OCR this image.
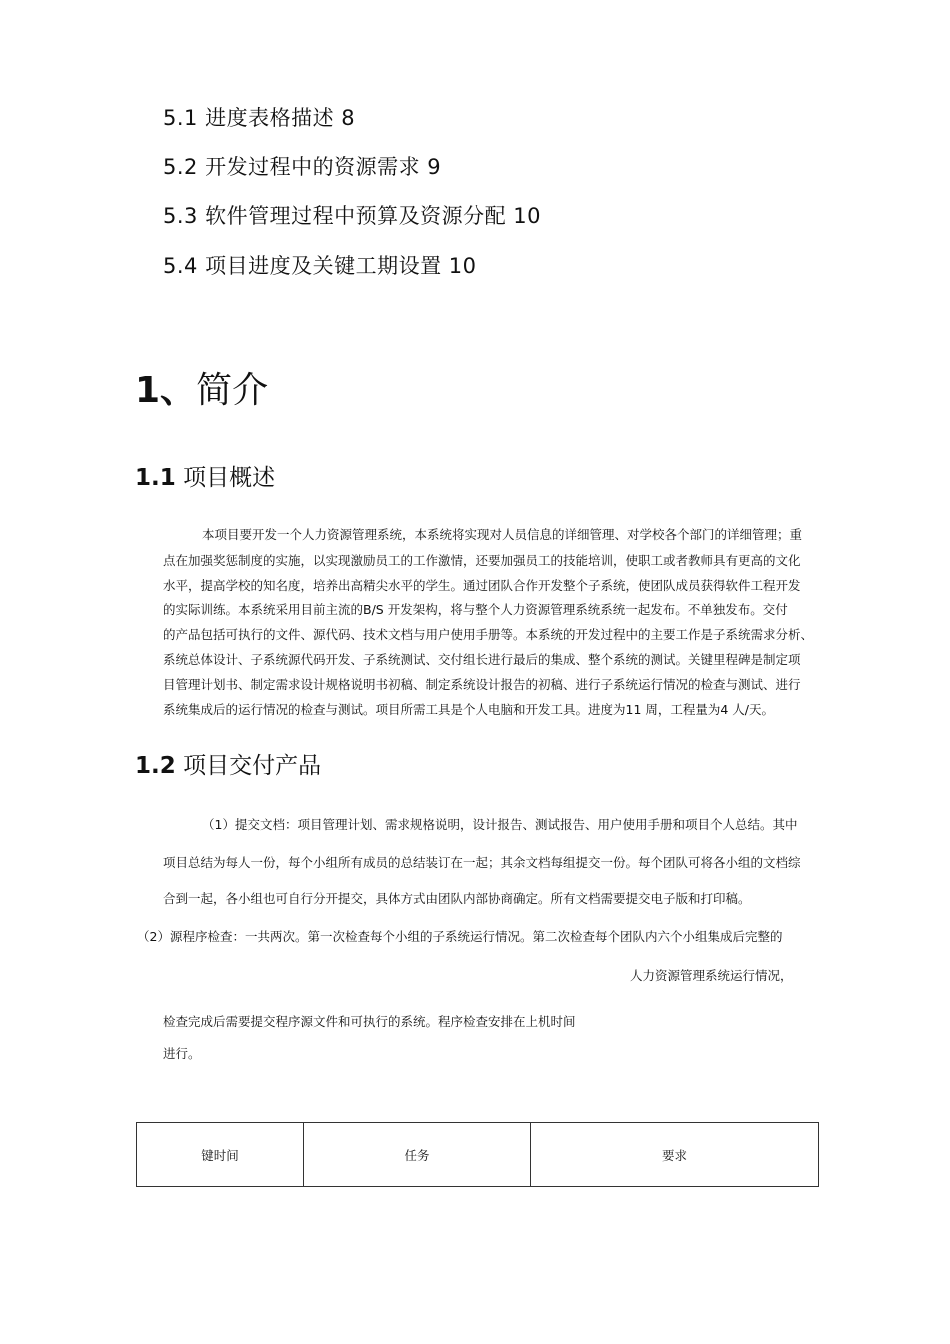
5.1 进度表格描述 8
5.2 开发过程中的资源需求 9
5.3 软件管理过程中预算及资源分配 10
5.4 项目进度及关键工期设置 10
1、简介
1.1 项目概述
本项目要开发一个人力资源管理系统，本系统将实现对人员信息的详细管理、对学校各个部门的详细管理；重
点在加强奖惩制度的实施，以实现激励员工的工作激情，还要加强员工的技能培训，使职工或者教师具有更高的文化
水平，提高学校的知名度，培养出高精尖水平的学生。通过团队合作开发整个子系统，使团队成员获得软件工程开发
的实际训练。本系统采用目前主流的B/S 开发架构，将与整个人力资源管理系统系统一起发布。不单独发布。交付
的产品包括可执行的文件、源代码、技术文档与用户使用手册等。本系统的开发过程中的主要工作是子系统需求分析、
系统总体设计、子系统源代码开发、子系统测试、交付组长进行最后的集成、整个系统的测试。关键里程碑是制定项
目管理计划书、制定需求设计规格说明书初稿、制定系统设计报告的初稿、进行子系统运行情况的检查与测试、进行
系统集成后的运行情况的检查与测试。项目所需工具是个人电脑和开发工具。进度为11 周，工程量为4 人/天。
1.2 项目交付产品
（1）提交文档：项目管理计划、需求规格说明，设计报告、测试报告、用户使用手册和项目个人总结。其中
项目总结为每人一份，每个小组所有成员的总结装订在一起；其余文档每组提交一份。每个团队可将各小组的文档综
合到一起，各小组也可自行分开提交，具体方式由团队内部协商确定。所有文档需要提交电子版和打印稿。
（2）源程序检查：一共两次。第一次检查每个小组的子系统运行情况。第二次检查每个团队内六个小组集成后完整的
人力资源管理系统运行情况，
检查完成后需要提交程序源文件和可执行的系统。程序检查安排在上机时间
进行。
键时间	任务	要求
